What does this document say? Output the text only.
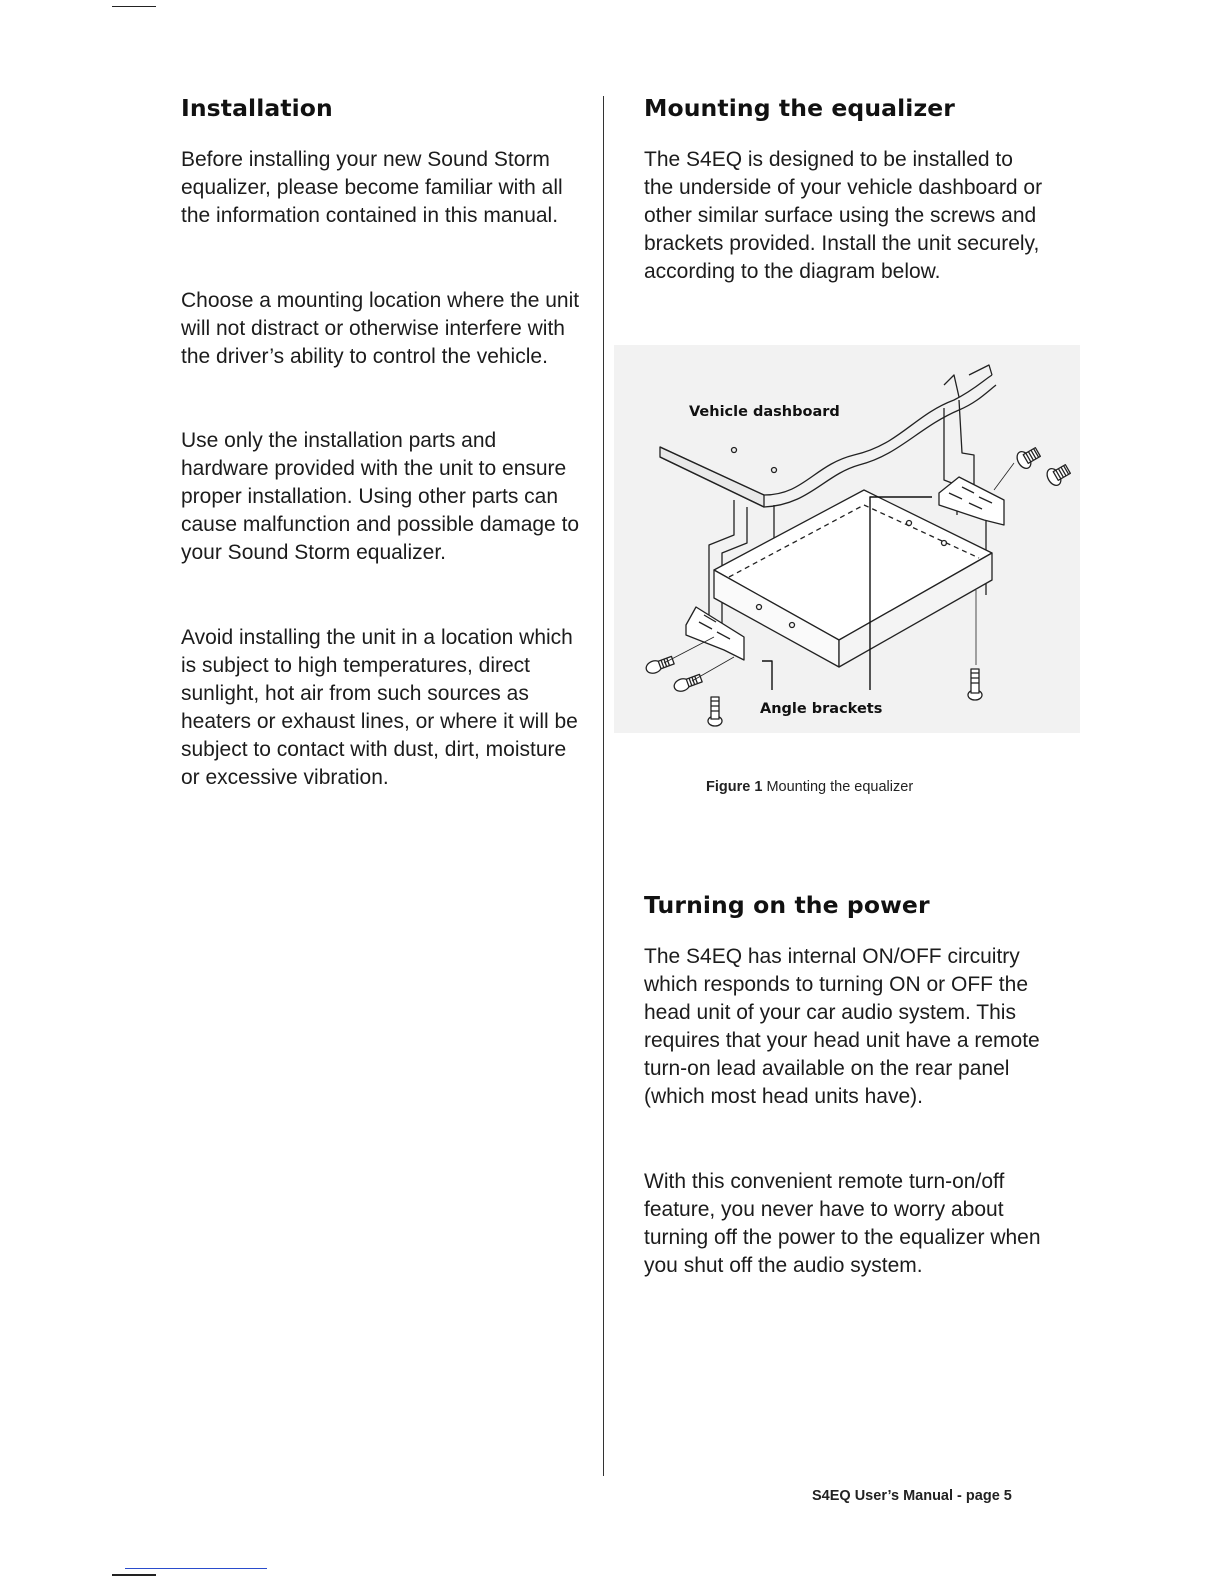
Installation

Before installing your new Sound Storm equalizer, please become familiar with all the information contained in this manual.

Choose a mounting location where the unit will not distract or otherwise interfere with the driver’s ability to control the vehicle.

Use only the installation parts and hardware provided with the unit to ensure proper installation. Using other parts can cause malfunction and possible damage to your Sound Storm equalizer.

Avoid installing the unit in a location which is subject to high temperatures, direct sunlight, hot air from such sources as heaters or exhaust lines, or where it will be subject to contact with dust, dirt, moisture or excessive vibration.

Mounting the equalizer

The S4EQ is designed to be installed to the underside of your vehicle dashboard or other similar surface using the screws and brackets provided. Install the unit securely, according to the diagram below.

Vehicle dashboard
Angle brackets
Figure 1 Mounting the equalizer
Turning on the power

The S4EQ has internal ON/OFF circuitry which responds to turning ON or OFF the head unit of your car audio system. This requires that your head unit have a remote turn-on lead available on the rear panel (which most head units have).

With this convenient remote turn-on/off feature, you never have to worry about turning off the power to the equalizer when you shut off the audio system.

S4EQ User’s Manual - page 5
